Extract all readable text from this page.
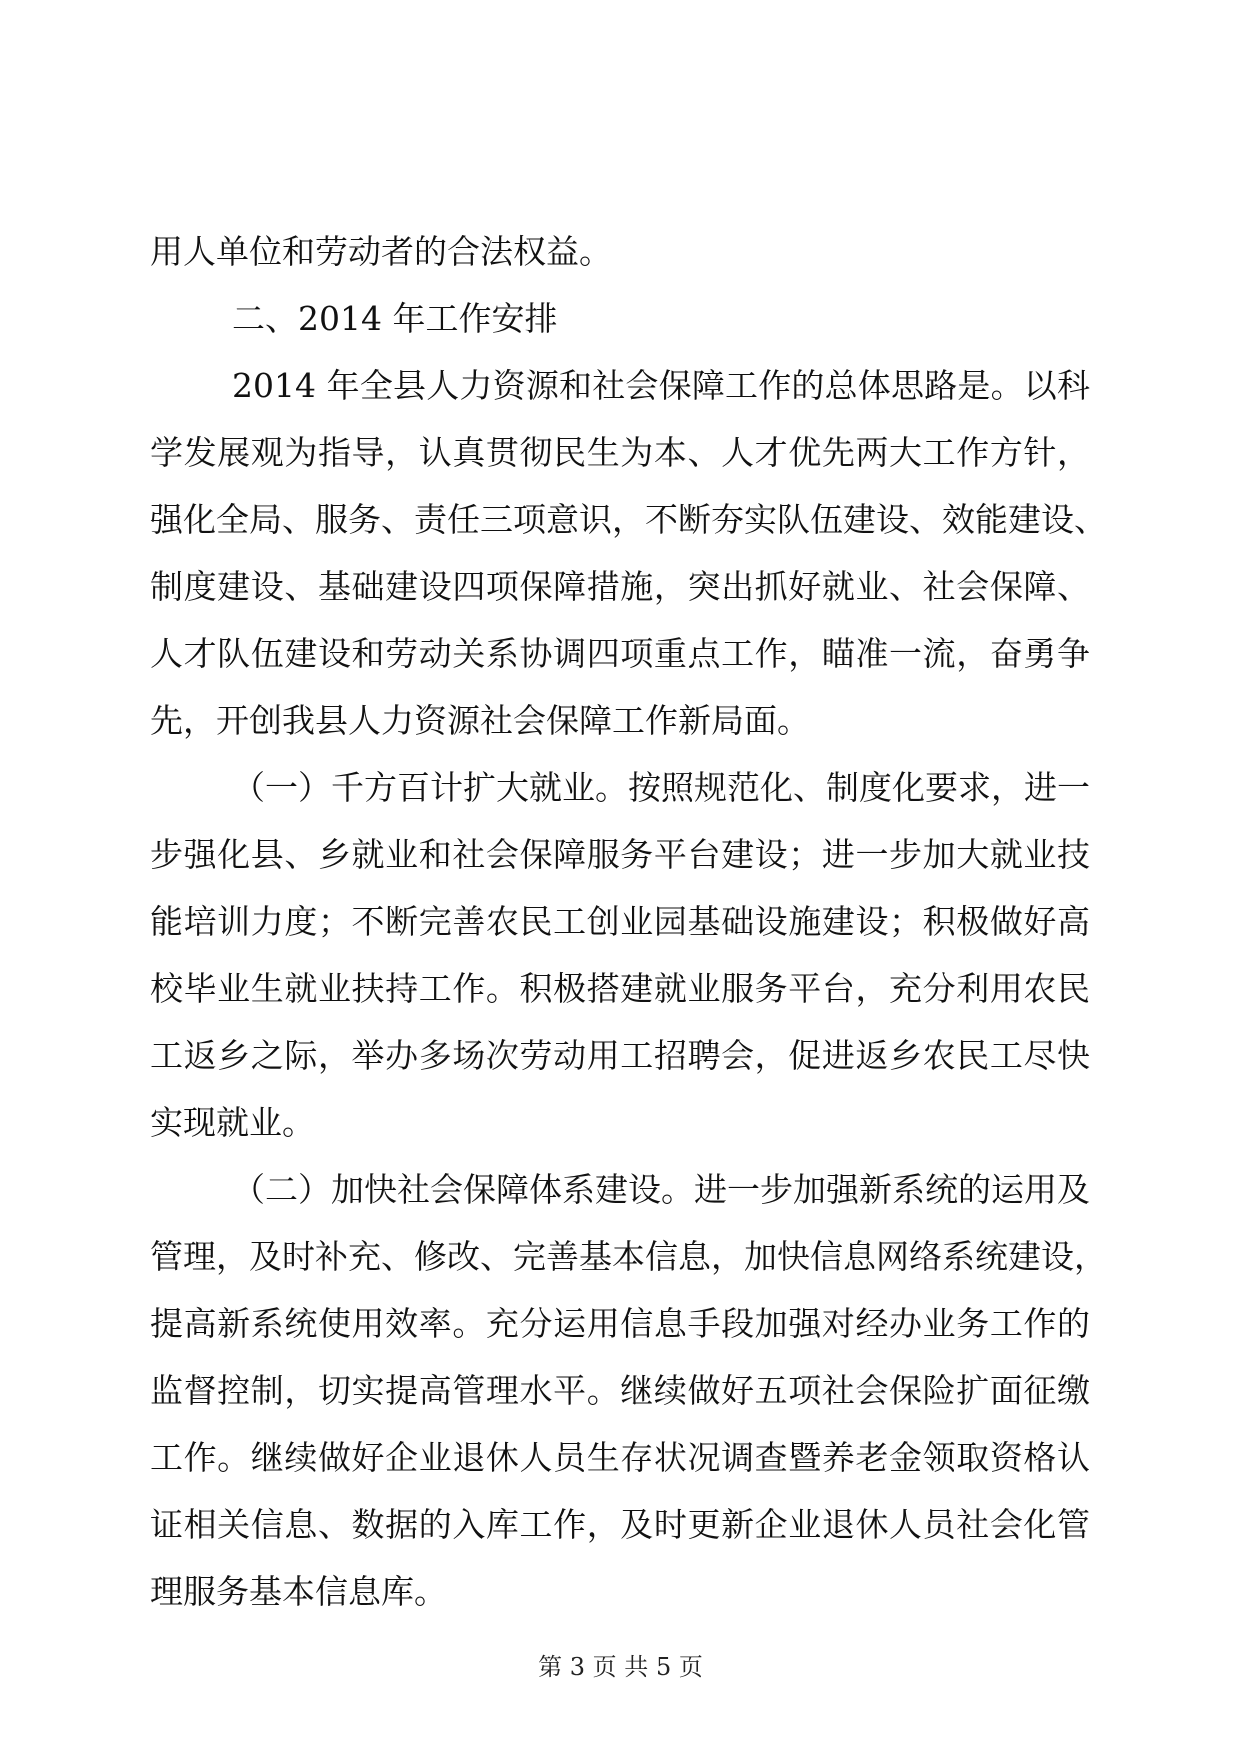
用人单位和劳动者的合法权益。
二、2014 年工作安排
2014 年全县人力资源和社会保障工作的总体思路是。以科
学发展观为指导，认真贯彻民生为本、人才优先两大工作方针，
强化全局、服务、责任三项意识，不断夯实队伍建设、效能建设、
制度建设、基础建设四项保障措施，突出抓好就业、社会保障、
人才队伍建设和劳动关系协调四项重点工作，瞄准一流，奋勇争
先，开创我县人力资源社会保障工作新局面。
（一）千方百计扩大就业。按照规范化、制度化要求，进一
步强化县、乡就业和社会保障服务平台建设；进一步加大就业技
能培训力度；不断完善农民工创业园基础设施建设；积极做好高
校毕业生就业扶持工作。积极搭建就业服务平台，充分利用农民
工返乡之际，举办多场次劳动用工招聘会，促进返乡农民工尽快
实现就业。
（二）加快社会保障体系建设。进一步加强新系统的运用及
管理，及时补充、修改、完善基本信息，加快信息网络系统建设，
提高新系统使用效率。充分运用信息手段加强对经办业务工作的
监督控制，切实提高管理水平。继续做好五项社会保险扩面征缴
工作。继续做好企业退休人员生存状况调查暨养老金领取资格认
证相关信息、数据的入库工作，及时更新企业退休人员社会化管
理服务基本信息库。
第 3 页 共 5 页
